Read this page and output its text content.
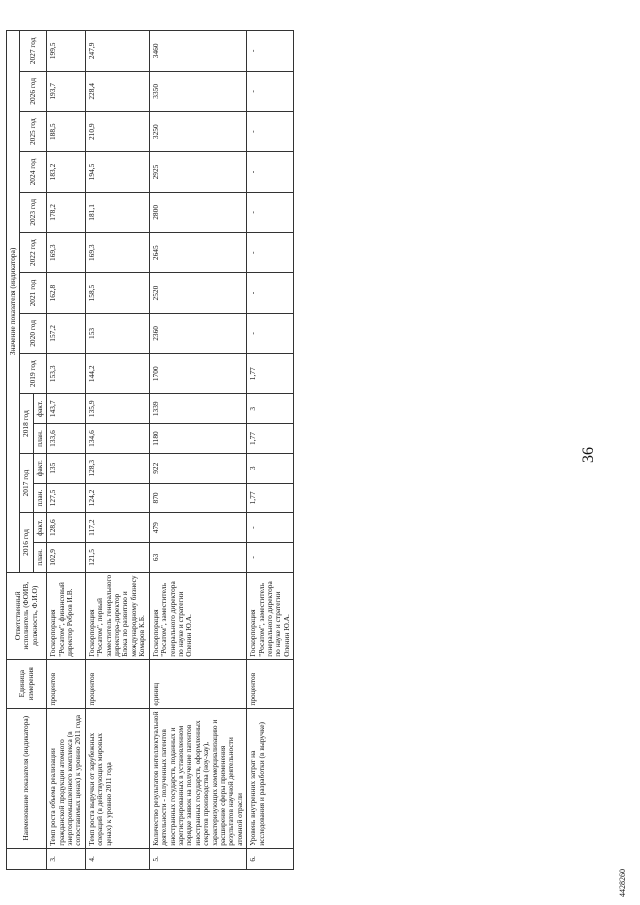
36
	Наименование показателя (индикатора)	Единица измерения	Ответственный исполнитель (ФОИВ, должность, Ф.И.О)	Значение показателя (индикатора)														
				2016 год		2017 год		2018 год		2019 год	2020 год	2021 год	2022 год	2023 год	2024 год	2025 год	2026 год	2027 год
				план.	факт.	план.	факт.	план.	факт.									
3.	Темп роста объема реализации гражданской продукции атомного энергопромышленного комплекса (в сопоставимых ценах) к уровню 2011 года	процентов	Госкорпорация "Росатом", финансовый директор Ребров И.В.	102,9	128,6	127,5	135	133,6	143,7	153,3	157,2	162,8	169,3	178,2	183,2	188,5	193,7	199,5
4.	Темп роста выручки от зарубежных операций (в действующих мировых ценах) к уровню 2011 года	процентов	Госкорпорация "Росатом", первый заместитель генерального директора-директор Блока по развитию и международному бизнесу Комаров К.Б.	121,5	117,2	124,2	128,3	134,6	135,9	144,2	153	158,5	169,3	181,1	194,5	210,9	228,4	247,9
5.	Количество результатов интеллектуальной деятельности - полученных патентов иностранных государств, поданных и зарегистрированных в установленном порядке заявок на получение патентов иностранных государств, оформленных секретов производства (ноу-хау), характеризующих коммерциализацию и расширение сферы применения результатов научной деятельности атомной отрасли	единиц	Госкорпорация "Росатом", заместитель генерального директора по науке и стратегии Оленин Ю.А.	63	479	870	922	1180	1339	1700	2360	2520	2645	2800	2925	3250	3350	3460
6.	Уровень внутренних затрат на исследования и разработки (в выручке)	процентов	Госкорпорация "Росатом", заместитель генерального директора по науке и стратегии Оленин Ю.А.	-	-	1,77	3	1,77	3	1,77	-	-	-	-	-	-	-	-
4428260
